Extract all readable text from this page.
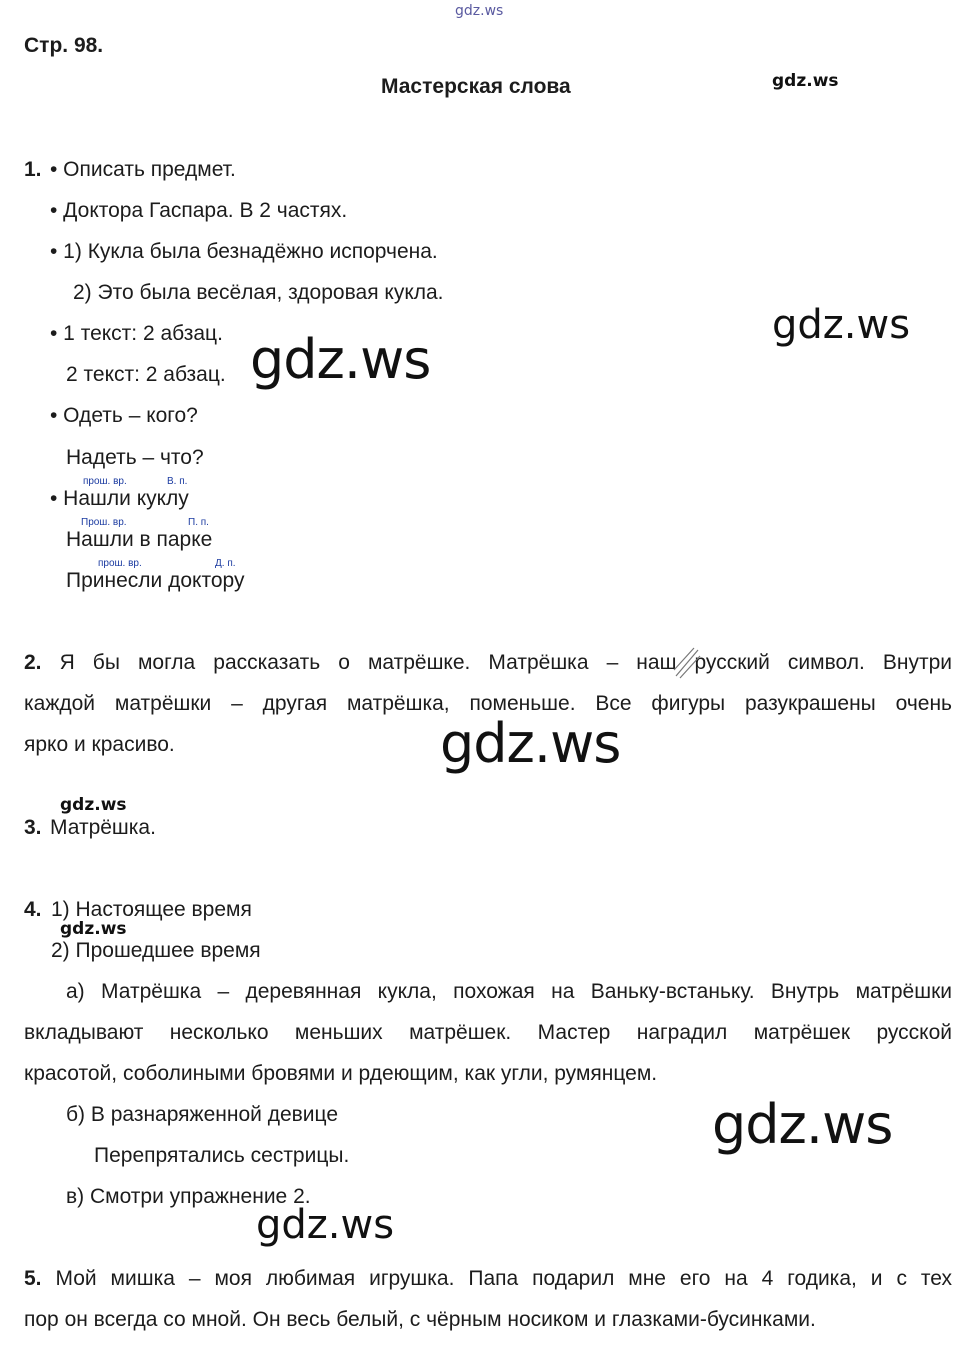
gdz.ws
Стр. 98.
Мастерская слова	gdz.ws
1. • Описать предмет.
• Доктора Гаспара. В 2 частях.
• 1) Кукла была безнадёжно испорчена.
2) Это была весёлая, здоровая кукла.
• 1 текст: 2 абзац.
2 текст: 2 абзац.
• Одеть – кого?
Надеть – что?
• Нашли куклу
Нашли в парке
Принесли доктору
прош. вр.	В. п.
Прош. вр.	П. п.
прош. вр.	Д. п.
gdz.ws
gdz.ws
2. Я бы могла рассказать о матрёшке. Матрёшка – наш русский символ. Внутри
каждой матрёшки – другая матрёшка, поменьше. Все фигуры разукрашены очень
ярко и красиво.	gdz.ws
gdz.ws
3. Матрёшка.
4. 1) Настоящее время
2) Прошедшее время
а) Матрёшка – деревянная кукла, похожая на Ваньку-встаньку. Внутрь матрёшки
вкладывают несколько меньших матрёшек. Мастер наградил матрёшек русской
красотой, соболиными бровями и рдеющим, как угли, румянцем.
б) В разнаряженной девице
Перепрятались сестрицы.
в) Смотри упражнение 2.
gdz.ws
gdz.ws
gdz.ws
5. Мой мишка – моя любимая игрушка. Папа подарил мне его на 4 годика, и с тех
пор он всегда со мной. Он весь белый, с чёрным носиком и глазками-бусинками.
